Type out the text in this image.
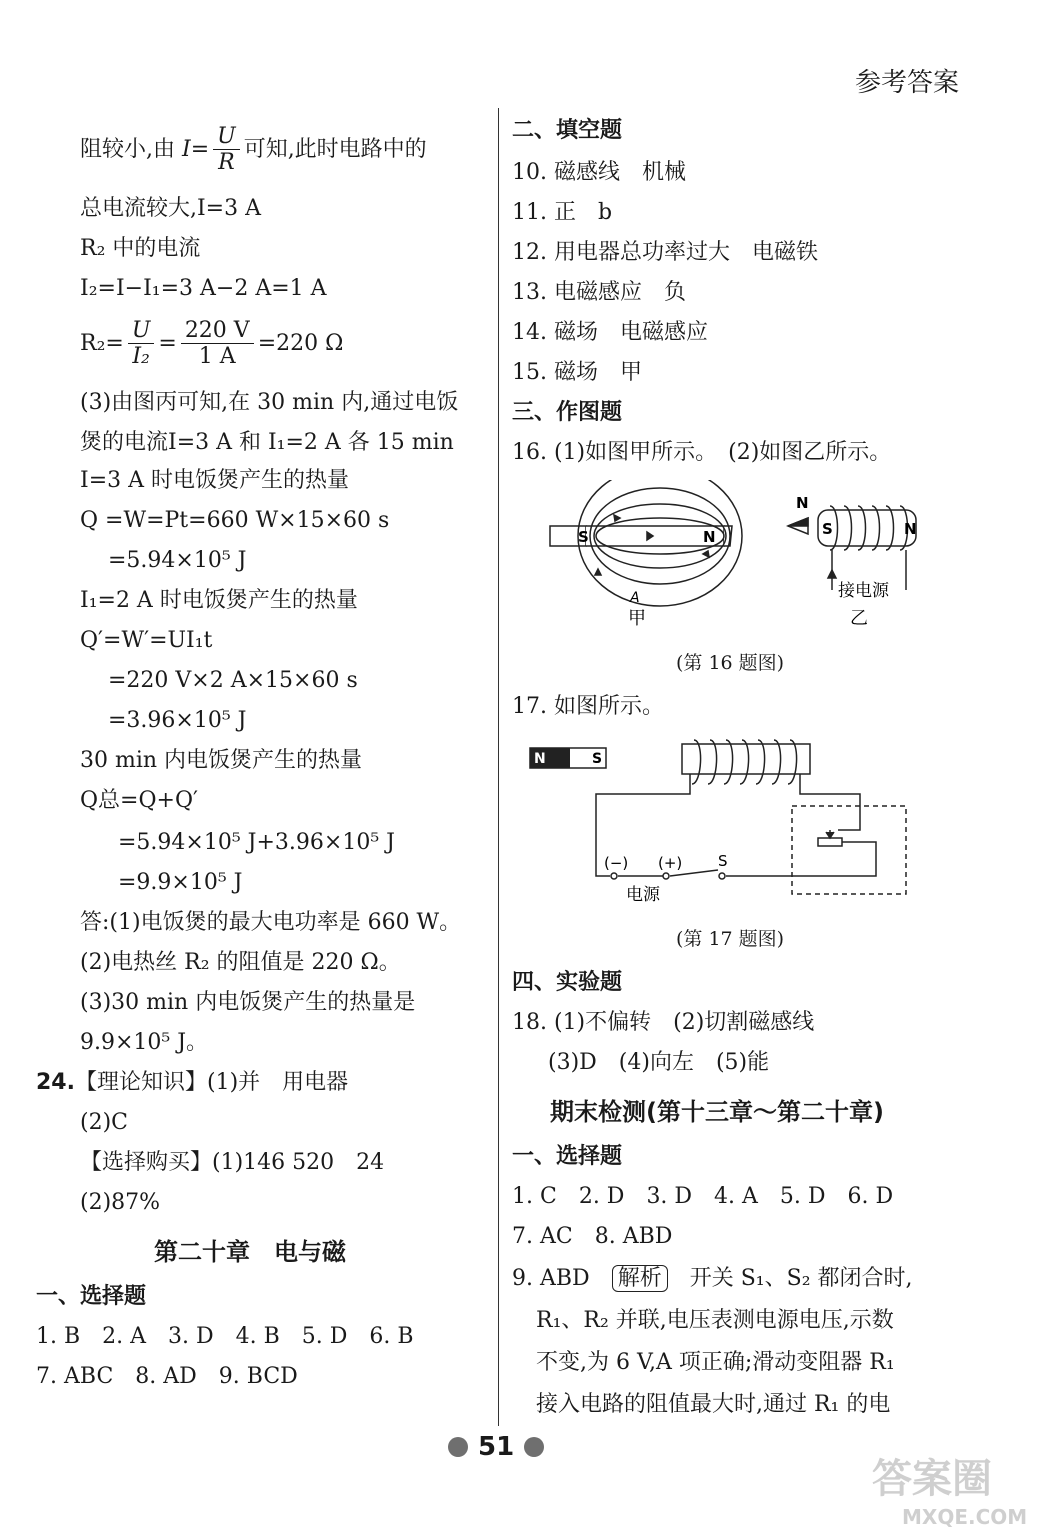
参考答案
阻较小,由 $I= \frac{U}{R}$ 可知,此时电路中的
总电流较大,I=3 A
R₂ 中的电流
I₂=I−I₁=3 A−2 A=1 A
$R_2= \frac{U}{\text{I₂}} = \frac{220 V}{1 A} =220$ Ω
(3)由图丙可知,在 30 min 内,通过电饭
煲的电流I=3 A 和 I₁=2 A 各 15 min
I=3 A 时电饭煲产生的热量
Q =W=Pt=660 W×15×60 s
=5.94×10⁵ J
I₁=2 A 时电饭煲产生的热量
Q′=W′=UI₁t
=220 V×2 A×15×60 s
=3.96×10⁵ J
30 min 内电饭煲产生的热量
Q总=Q+Q′
=5.94×10⁵ J+3.96×10⁵ J
=9.9×10⁵ J
答:(1)电饭煲的最大电功率是 660 W。
(2)电热丝 R₂ 的阻值是 220 Ω。
(3)30 min 内电饭煲产生的热量是
9.9×10⁵ J。
24.【理论知识】(1)并　用电器
(2)C
【选择购买】(1)146 520　24
(2)87%
第二十章　电与磁
一、选择题
1. B　2. A　3. D　4. B　5. D　6. B
7. ABC　8. AD　9. BCD
二、填空题
10. 磁感线　机械
11. 正　b
12. 用电器总功率过大　电磁铁
13. 电磁感应　负
14. 磁场　电磁感应
15. 磁场　甲
三、作图题
16. (1)如图甲所示。　(2)如图乙所示。
S	N
A
甲
N
S	N
接电源
乙
(第 16 题图)
17. 如图所示。
N	S
(−) (+) S
电源
(第 17 题图)
四、实验题
18. (1)不偏转　(2)切割磁感线
(3)D　(4)向左　(5)能
期末检测(第十三章～第二十章)
一、选择题
1. C　2. D　3. D　4. A　5. D　6. D
7. AC　8. ABD
9. ABD　 解析　 开关 S₁、S₂ 都闭合时,
R₁、R₂ 并联,电压表测电源电压,示数
不变,为 6 V,A 项正确;滑动变阻器 R₁
接入电路的阻值最大时,通过 R₁ 的电
51
答案圈
MXQE.COM
